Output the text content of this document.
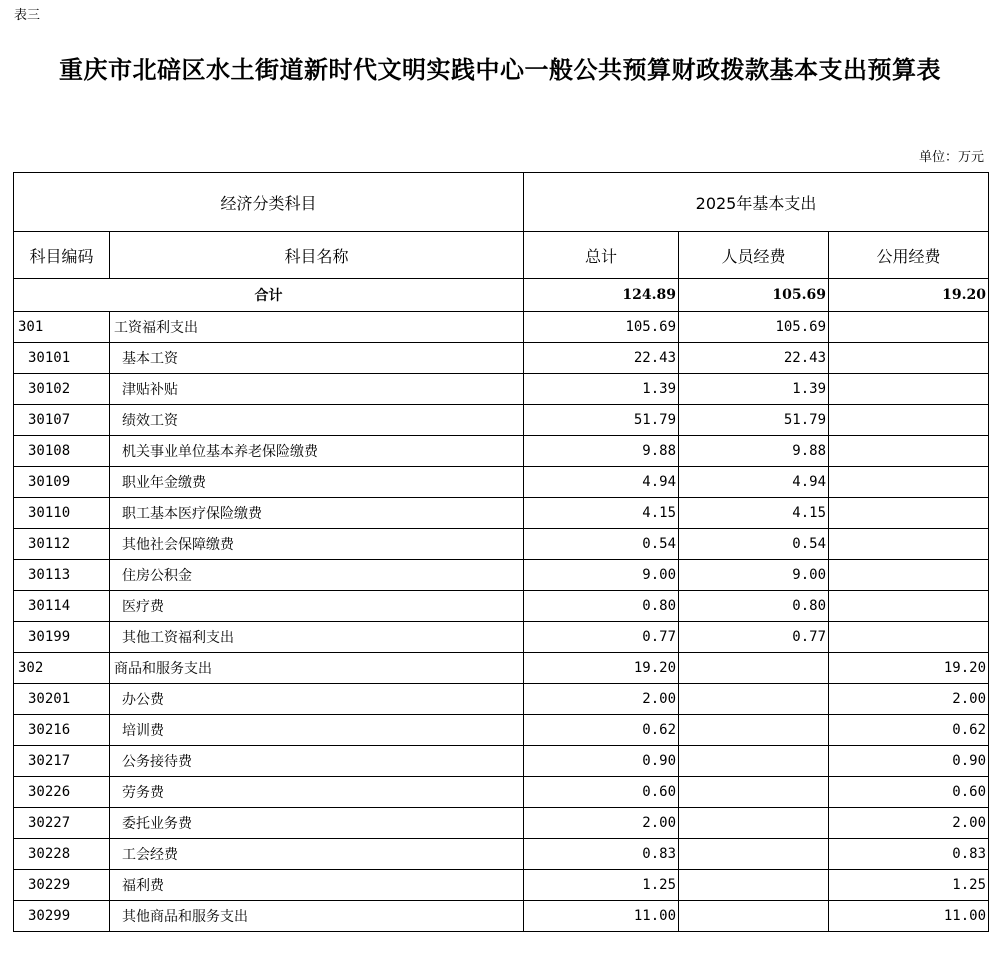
表三
重庆市北碚区水土街道新时代文明实践中心一般公共预算财政拨款基本支出预算表
单位：万元
经济分类科目		2025年基本支出		
科目编码	科目名称	总计	人员经费	公用经费
合计		124.89	105.69	19.20
301	工资福利支出	105.69	105.69	
30101	基本工资	22.43	22.43	
30102	津贴补贴	1.39	1.39	
30107	绩效工资	51.79	51.79	
30108	机关事业单位基本养老保险缴费	9.88	9.88	
30109	职业年金缴费	4.94	4.94	
30110	职工基本医疗保险缴费	4.15	4.15	
30112	其他社会保障缴费	0.54	0.54	
30113	住房公积金	9.00	9.00	
30114	医疗费	0.80	0.80	
30199	其他工资福利支出	0.77	0.77	
302	商品和服务支出	19.20		19.20
30201	办公费	2.00		2.00
30216	培训费	0.62		0.62
30217	公务接待费	0.90		0.90
30226	劳务费	0.60		0.60
30227	委托业务费	2.00		2.00
30228	工会经费	0.83		0.83
30229	福利费	1.25		1.25
30299	其他商品和服务支出	11.00		11.00
